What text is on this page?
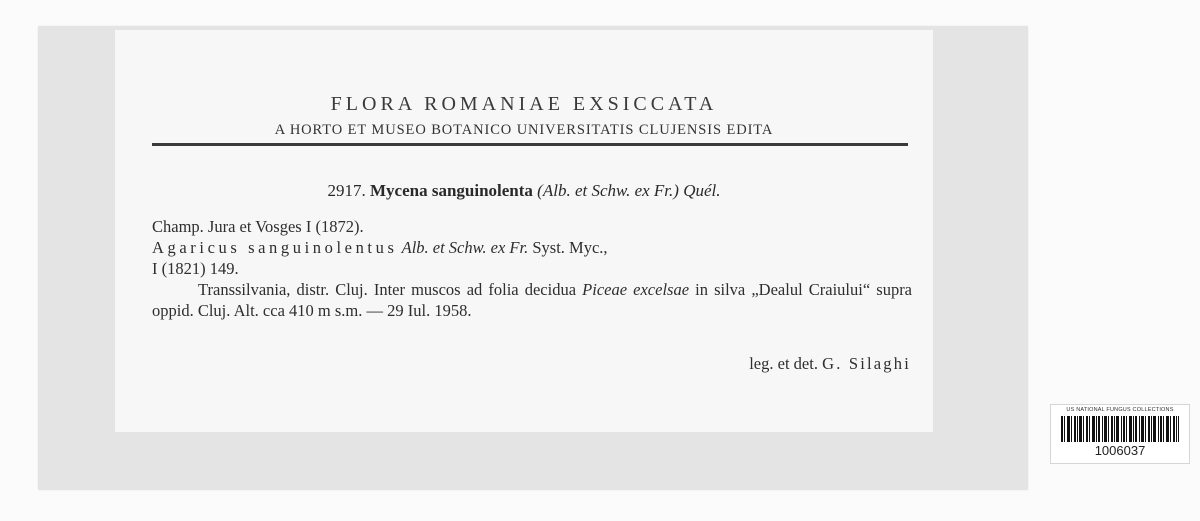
FLORA ROMANIAE EXSICCATA
A HORTO ET MUSEO BOTANICO UNIVERSITATIS CLUJENSIS EDITA
2917. Mycena sanguinolenta (Alb. et Schw. ex Fr.) Quél.
Champ. Jura et Vosges I (1872).
Agaricus sanguinolentus Alb. et Schw. ex Fr. Syst. Myc.,
I (1821) 149.
Transsilvania, distr. Cluj. Inter muscos ad folia decidua Piceae excelsae in silva „Dealul Craiului“ supra oppid. Cluj. Alt. cca 410 m s.m. — 29 Iul. 1958.
leg. et det. G. Silaghi
US NATIONAL FUNGUS COLLECTIONS
1006037
